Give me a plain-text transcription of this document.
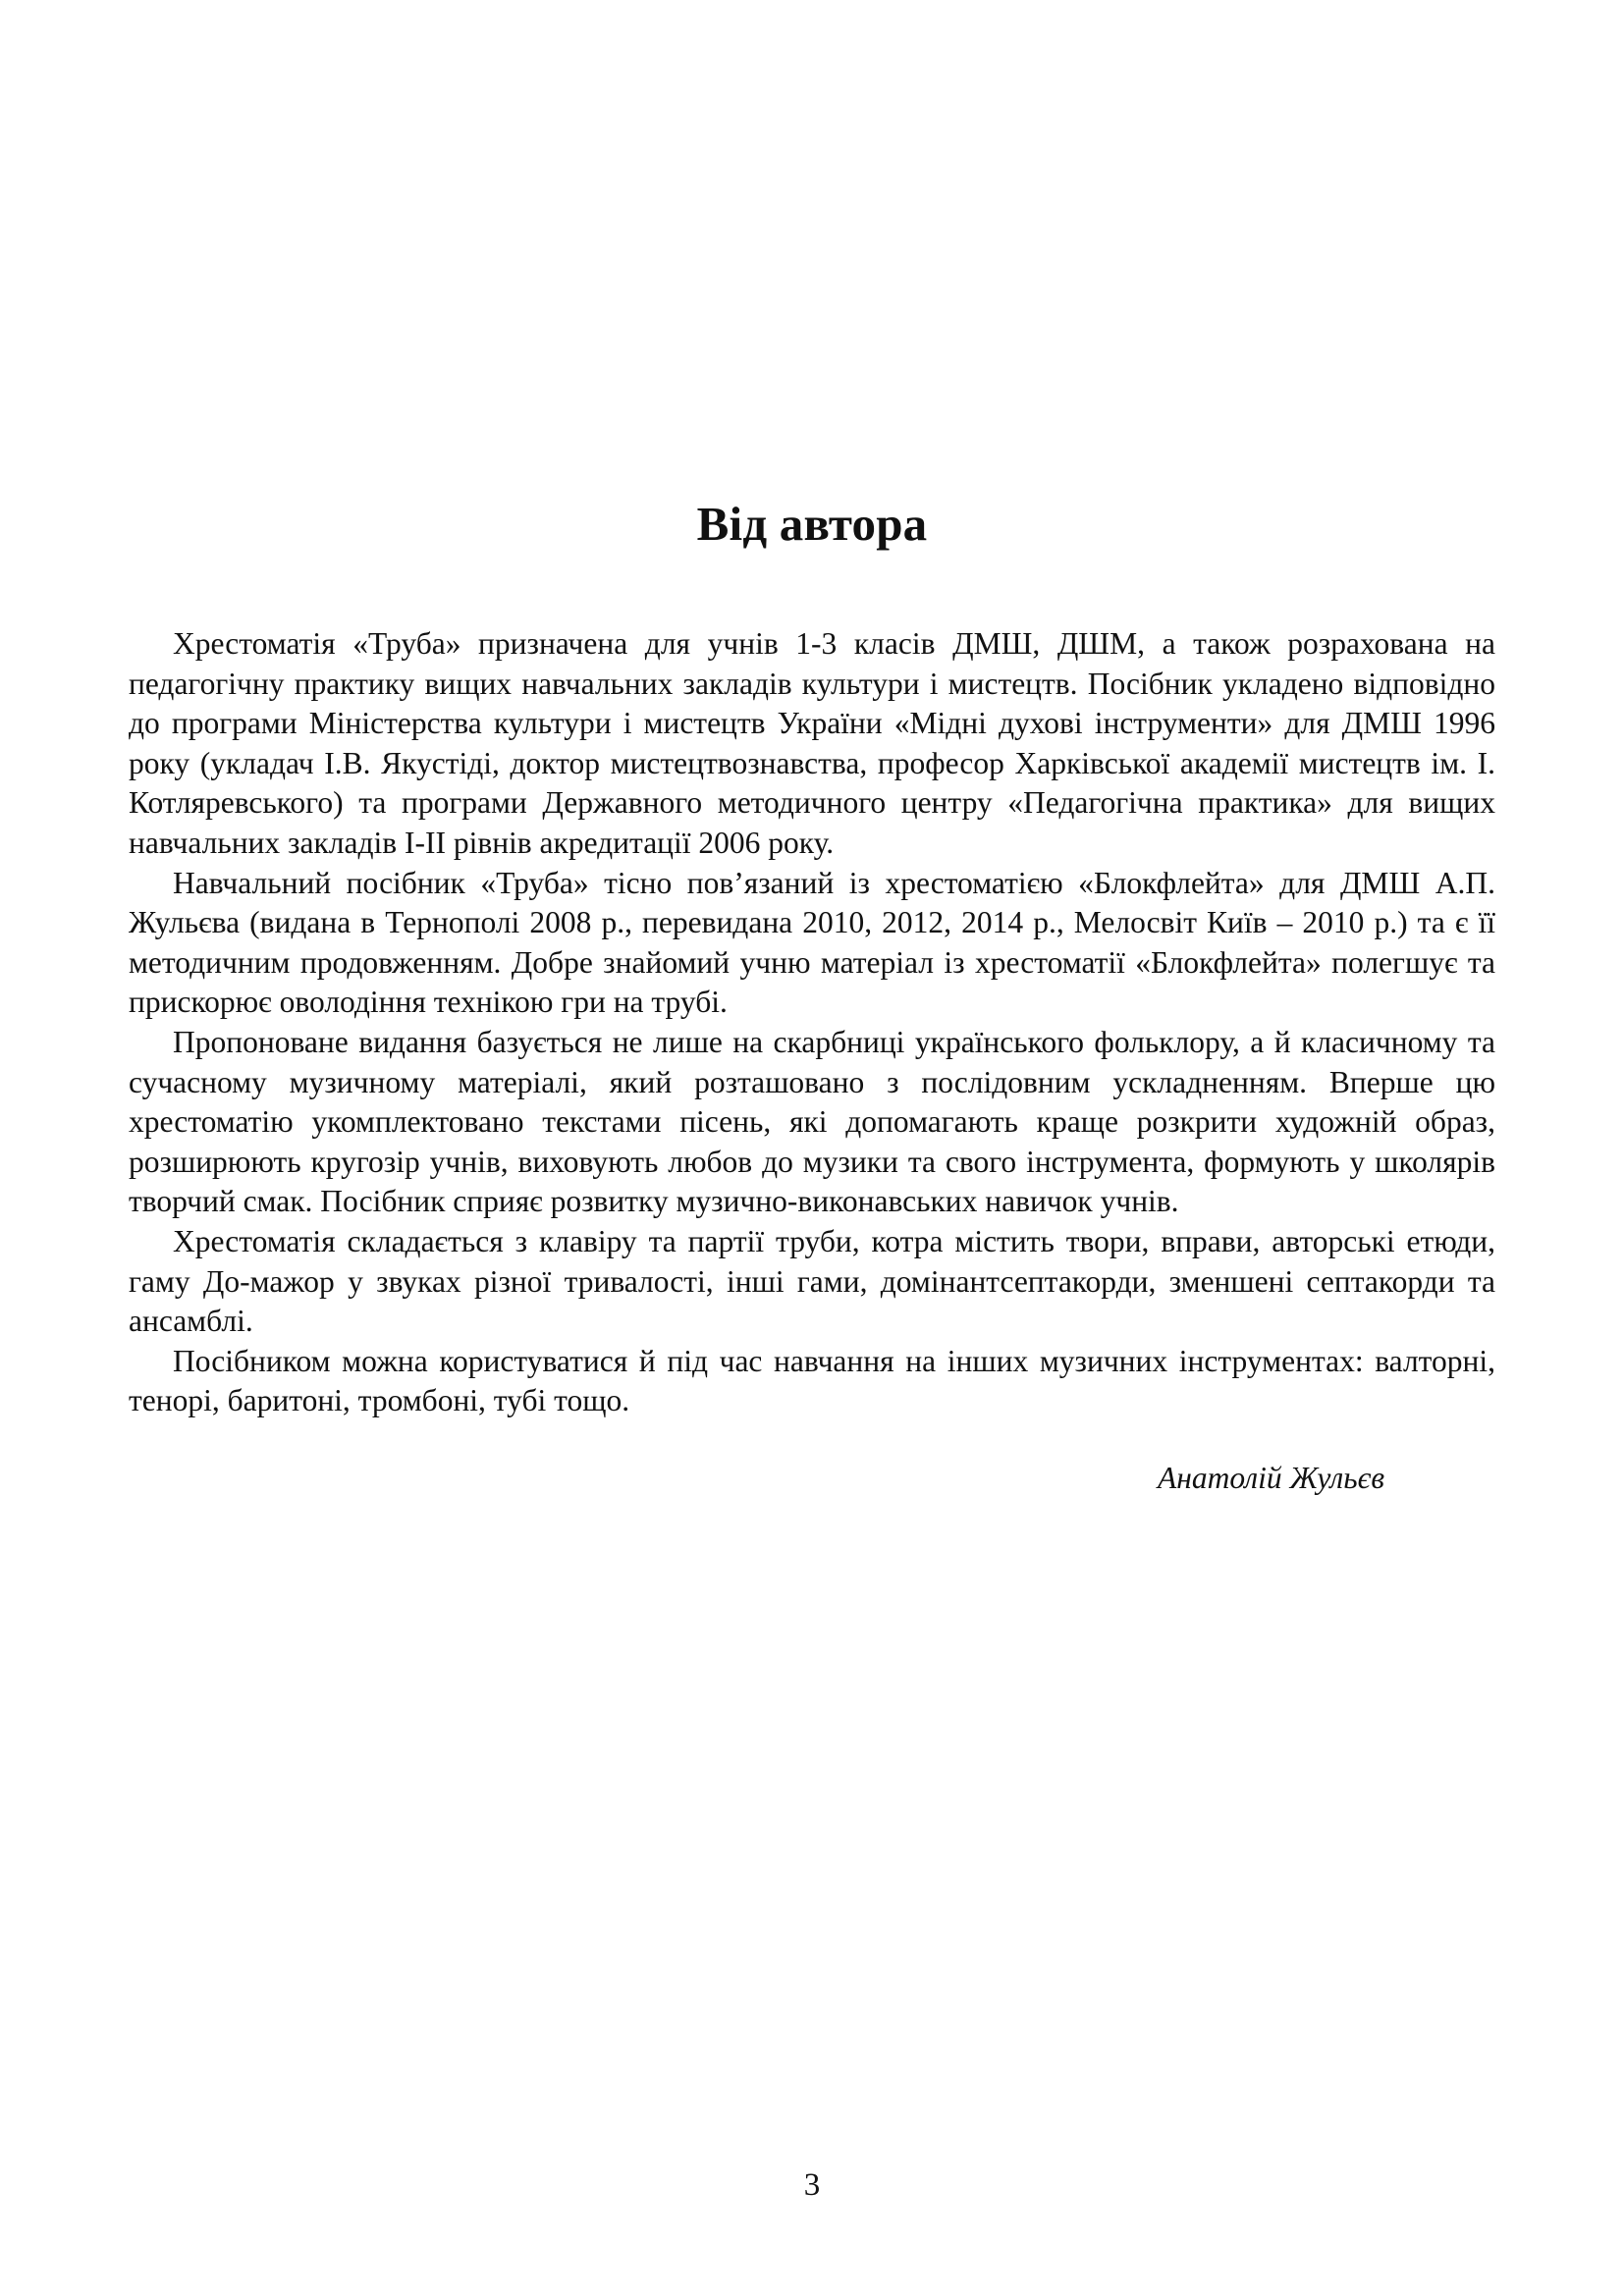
Від автора

Хрестоматія «Труба» призначена для учнів 1-3 класів ДМШ, ДШМ, а також розрахована на педагогічну практику вищих навчальних закладів культури і мистецтв. Посібник укладено відповідно до програми Міністерства культури і мистецтв України «Мідні духові інструменти» для ДМШ 1996 року (укладач І.В. Якустіді, доктор мистецтвознавства, професор Харківської академії мистецтв ім. І. Котляревського) та програми Державного методичного центру «Педагогічна практика» для вищих навчальних закладів І-ІІ рівнів акредитації 2006 року.

Навчальний посібник «Труба» тісно пов’язаний із хрестоматією «Блокфлейта» для ДМШ А.П. Жульєва (видана в Тернополі 2008 р., перевидана 2010, 2012, 2014 р., Мелосвіт Київ – 2010 р.) та є її методичним продовженням. Добре знайомий учню матеріал із хрестоматії «Блокфлейта» полегшує та прискорює оволодіння технікою гри на трубі.

Пропоноване видання базується не лише на скарбниці українського фольклору, а й класичному та сучасному музичному матеріалі, який розташовано з послідовним ускладненням. Вперше цю хрестоматію укомплектовано текстами пісень, які допомагають краще розкрити художній образ, розширюють кругозір учнів, виховують любов до музики та свого інструмента, формують у школярів творчий смак. Посібник сприяє розвитку музично-виконавських навичок учнів.

Хрестоматія складається з клавіру та партії труби, котра містить твори, вправи, авторські етюди, гаму До-мажор у звуках різної тривалості, інші гами, домінантсептакорди, зменшені септакорди та ансамблі.

Посібником можна користуватися й під час навчання на інших музичних інструментах: валторні, тенорі, баритоні, тромбоні, тубі тощо.

Анатолій Жульєв

3
